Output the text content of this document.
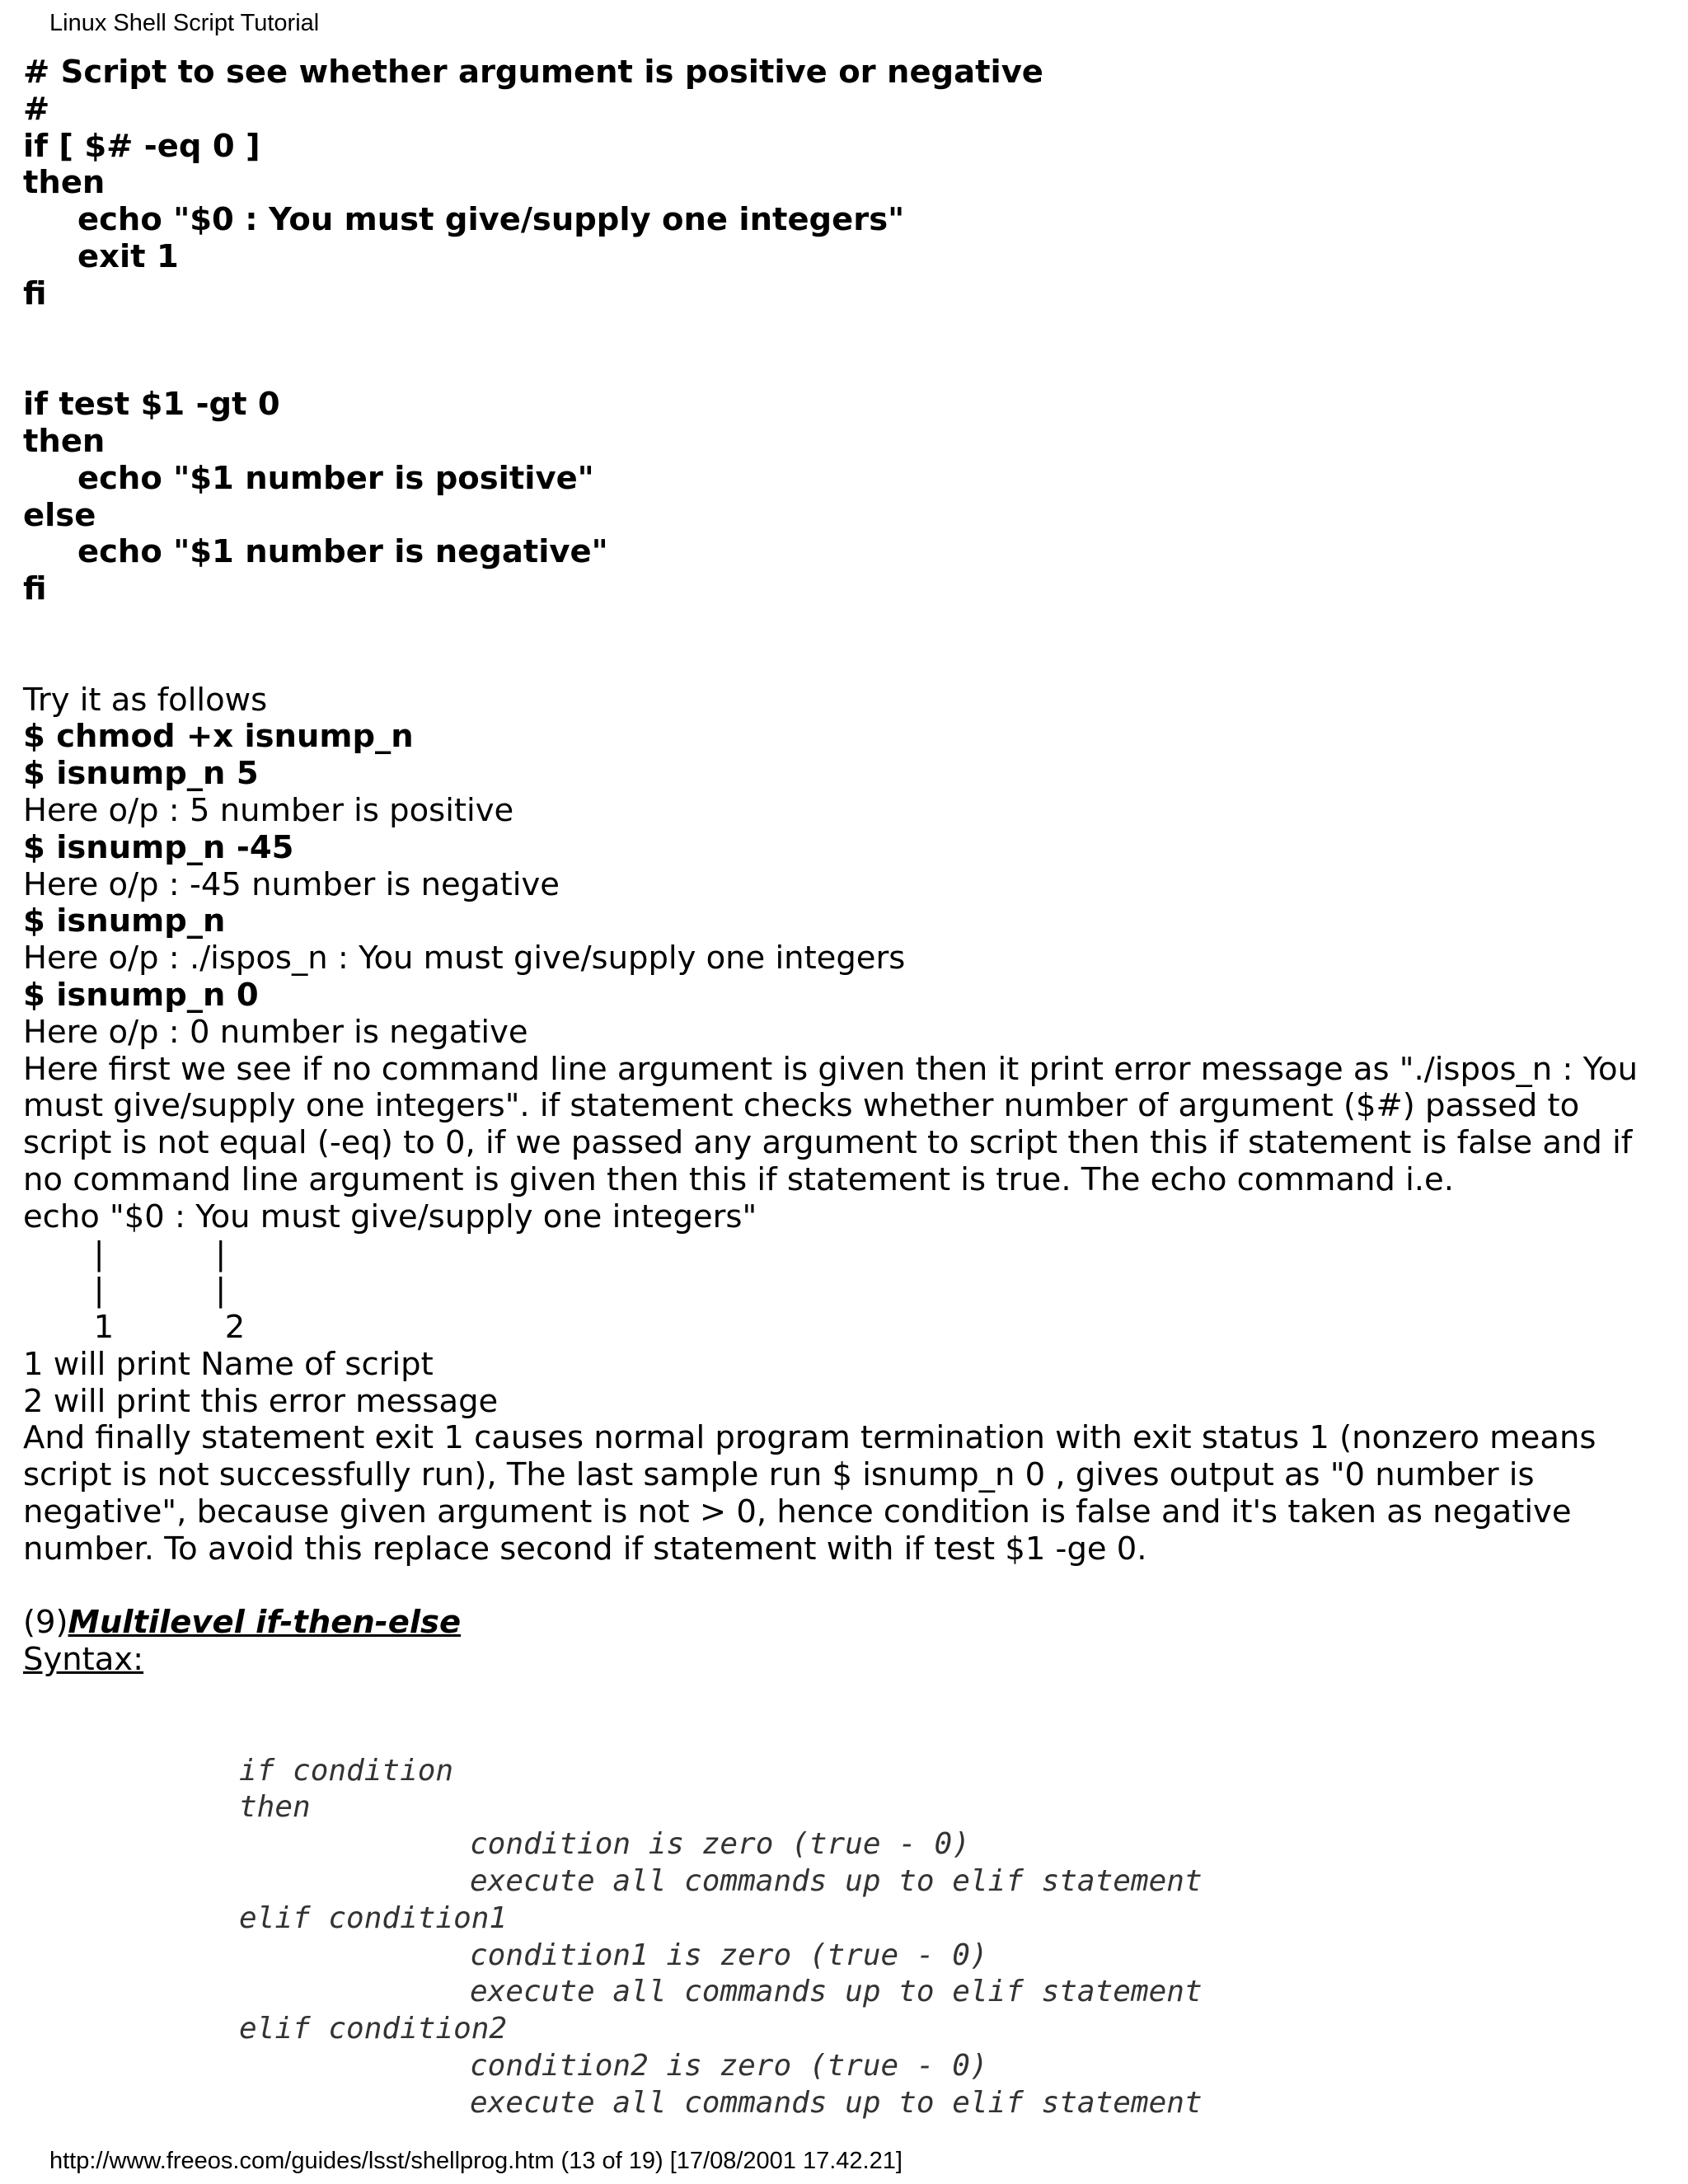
Linux Shell Script Tutorial
# Script to see whether argument is positive or negative
#
if [ $# -eq 0 ]
then
echo "$0 : You must give/supply one integers"
exit 1
fi
if test $1 -gt 0
then
echo "$1 number is positive"
else
echo "$1 number is negative"
fi
Try it as follows
$ chmod +x isnump_n
$ isnump_n 5
Here o/p : 5 number is positive
$ isnump_n -45
Here o/p : -45 number is negative
$ isnump_n
Here o/p : ./ispos_n : You must give/supply one integers
$ isnump_n 0
Here o/p : 0 number is negative

Here first we see if no command line argument is given then it print error message as "./ispos_n : You must give/supply one integers". if statement checks whether number of argument ($#) passed to script is not equal (-eq) to 0, if we passed any argument to script then this if statement is false and if no command line argument is given then this if statement is true. The echo command i.e.

echo "$0 : You must give/supply one integers"
|           |
|           |
1           2
1 will print Name of script
2 will print this error message

And finally statement exit 1 causes normal program termination with exit status 1 (nonzero means script is not successfully run), The last sample run $ isnump_n 0 , gives output as "0 number is negative", because given argument is not > 0, hence condition is false and it's taken as negative number. To avoid this replace second if statement with if test $1 -ge 0.

(9)Multilevel if-then-else
Syntax:
if condition
then
condition is zero (true - 0)
execute all commands up to elif statement
elif condition1
condition1 is zero (true - 0)
execute all commands up to elif statement
elif condition2
condition2 is zero (true - 0)
execute all commands up to elif statement
http://www.freeos.com/guides/lsst/shellprog.htm (13 of 19) [17/08/2001 17.42.21]
